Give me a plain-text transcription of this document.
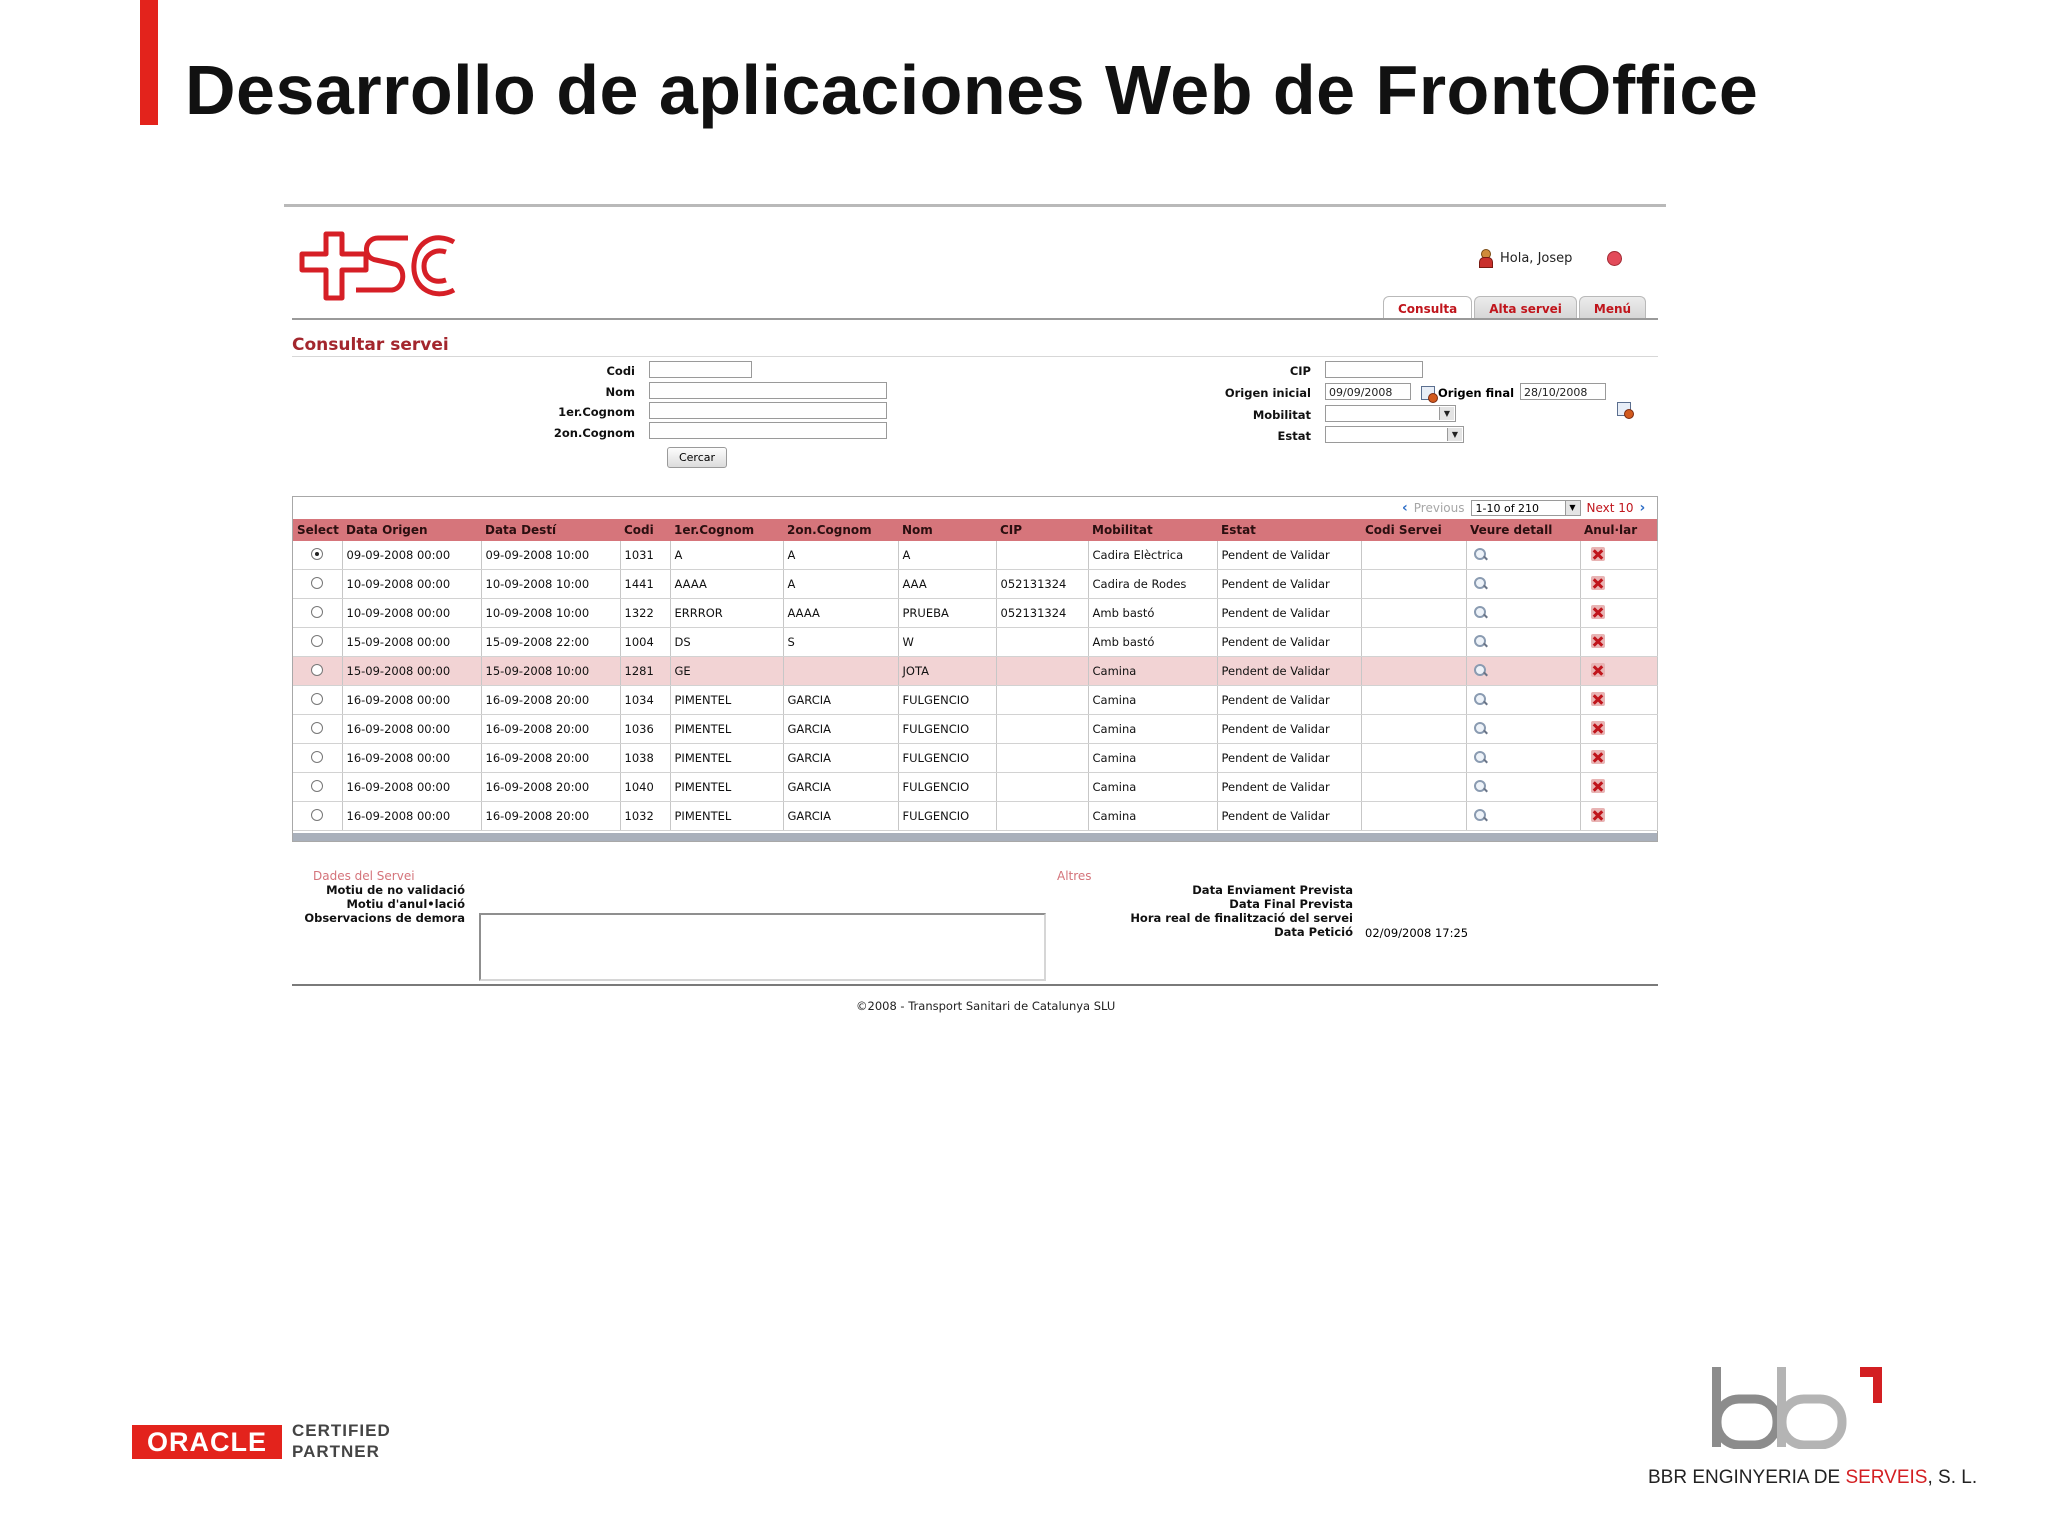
Desarrollo de aplicaciones Web de FrontOffice
Hola, Josep
Consulta	Alta servei	Menú
Consultar servei
Codi
Nom
1er.Cognom
2on.Cognom
Cercar
CIP
Origen inicial	09/09/2008	Origen final 28/10/2008
Mobilitat	▼
Estat	▼
‹ Previous	1-10 of 210	▼ Next 10 ›
Select	Data Origen	Data Destí	Codi	1er.Cognom	2on.Cognom	Nom	CIP	Mobilitat	Estat	Codi Servei	Veure detall	Anul·lar
	09-09-2008 00:00	09-09-2008 10:00	1031	A	A	A		Cadira Elèctrica	Pendent de Validar			
	10-09-2008 00:00	10-09-2008 10:00	1441	AAAA	A	AAA	052131324	Cadira de Rodes	Pendent de Validar			
	10-09-2008 00:00	10-09-2008 10:00	1322	ERRROR	AAAA	PRUEBA	052131324	Amb bastó	Pendent de Validar			
	15-09-2008 00:00	15-09-2008 22:00	1004	DS	S	W		Amb bastó	Pendent de Validar			
	15-09-2008 00:00	15-09-2008 10:00	1281	GE		JOTA		Camina	Pendent de Validar			
	16-09-2008 00:00	16-09-2008 20:00	1034	PIMENTEL	GARCIA	FULGENCIO		Camina	Pendent de Validar			
	16-09-2008 00:00	16-09-2008 20:00	1036	PIMENTEL	GARCIA	FULGENCIO		Camina	Pendent de Validar			
	16-09-2008 00:00	16-09-2008 20:00	1038	PIMENTEL	GARCIA	FULGENCIO		Camina	Pendent de Validar			
	16-09-2008 00:00	16-09-2008 20:00	1040	PIMENTEL	GARCIA	FULGENCIO		Camina	Pendent de Validar			
	16-09-2008 00:00	16-09-2008 20:00	1032	PIMENTEL	GARCIA	FULGENCIO		Camina	Pendent de Validar			
Dades del Servei
Motiu de no validació
Motiu d'anul•lació
Observacions de demora
Altres
Data Enviament Prevista
Data Final Prevista
Hora real de finalització del servei
Data Petició 02/09/2008 17:25
©2008 - Transport Sanitari de Catalunya SLU
ORACLE	CERTIFIED
PARTNER
BBR ENGINYERIA DE SERVEIS, S. L.
